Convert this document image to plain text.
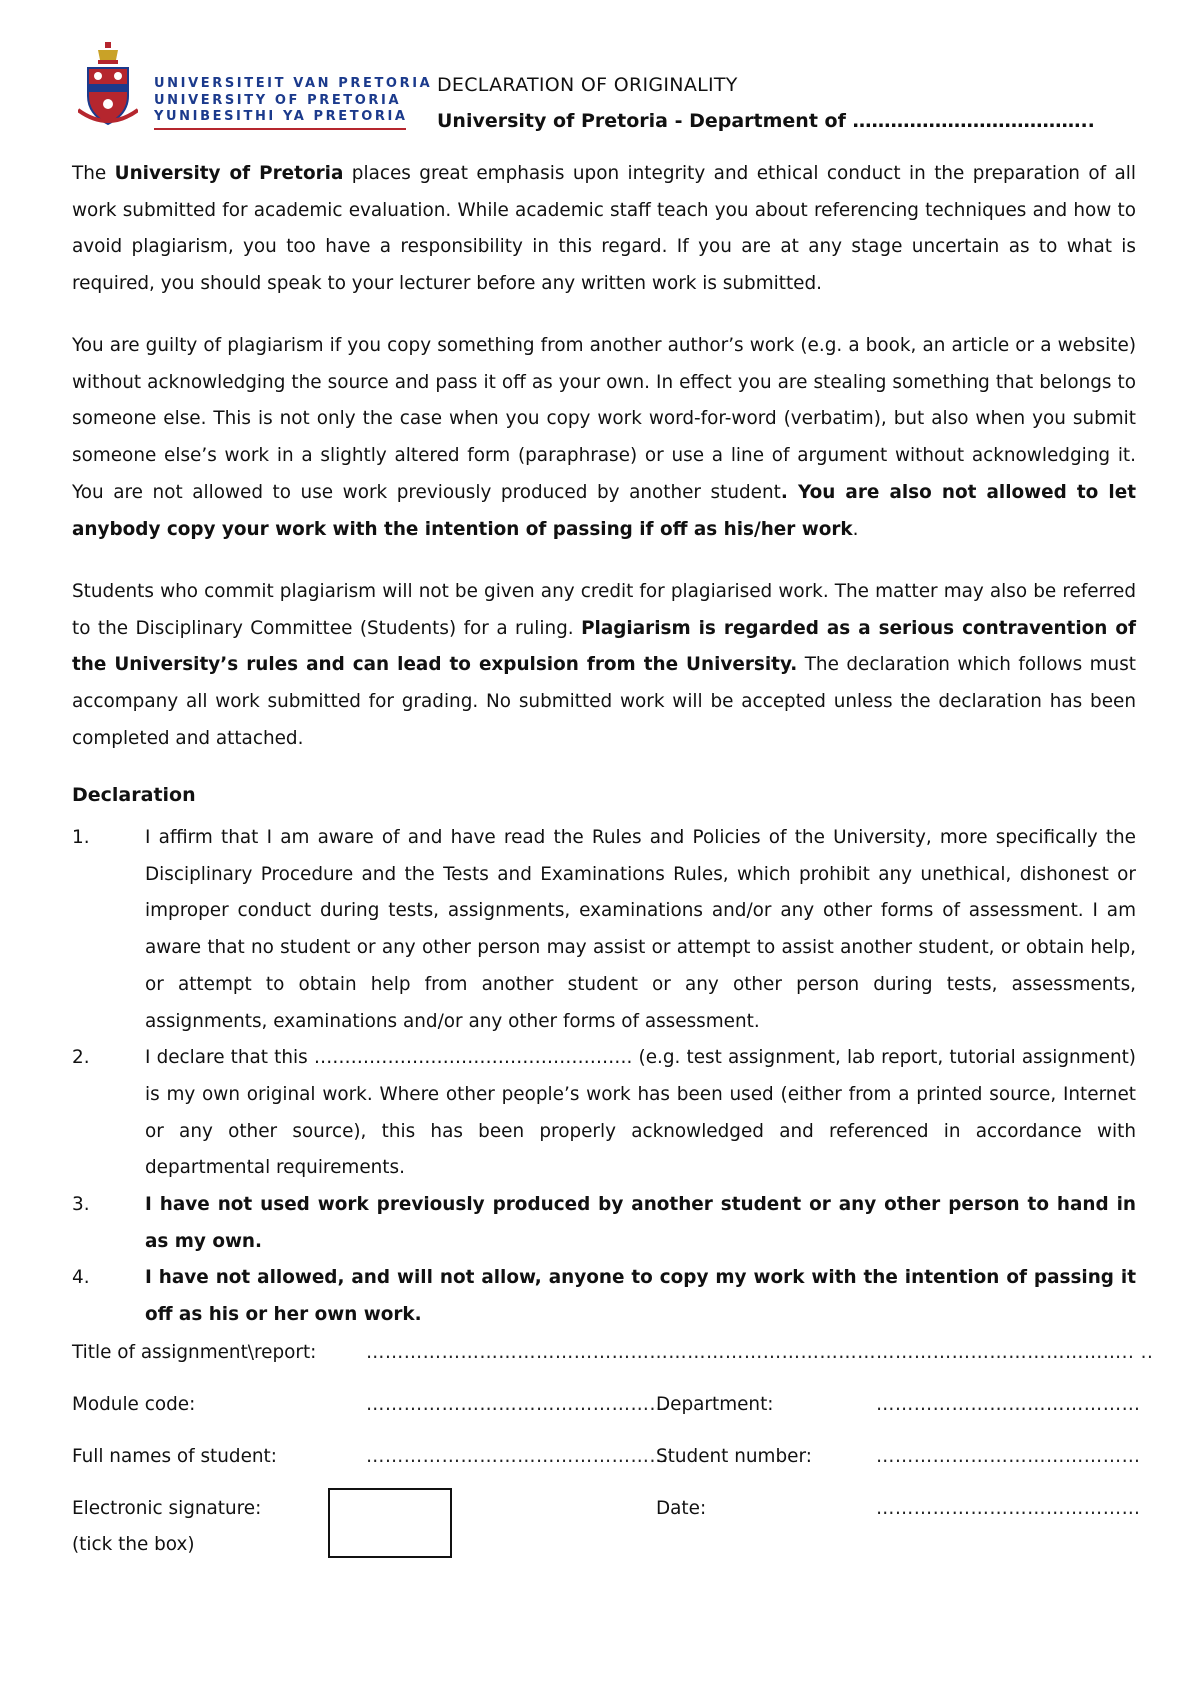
UNIVERSITEIT VAN PRETORIA
UNIVERSITY OF PRETORIA
YUNIBESITHI YA PRETORIA
DECLARATION OF ORIGINALITY
University of Pretoria - Department of ………………………………..
The University of Pretoria places great emphasis upon integrity and ethical conduct in the preparation of all work submitted for academic evaluation. While academic staff teach you about referencing techniques and how to avoid plagiarism, you too have a responsibility in this regard. If you are at any stage uncertain as to what is required, you should speak to your lecturer before any written work is submitted.
You are guilty of plagiarism if you copy something from another author’s work (e.g. a book, an article or a website) without acknowledging the source and pass it off as your own. In effect you are stealing something that belongs to someone else. This is not only the case when you copy work word-for-word (verbatim), but also when you submit someone else’s work in a slightly altered form (paraphrase) or use a line of argument without acknowledging it. You are not allowed to use work previously produced by another student. You are also not allowed to let anybody copy your work with the intention of passing if off as his/her work.
Students who commit plagiarism will not be given any credit for plagiarised work. The matter may also be referred to the Disciplinary Committee (Students) for a ruling. Plagiarism is regarded as a serious contravention of the University’s rules and can lead to expulsion from the University. The declaration which follows must accompany all work submitted for grading. No submitted work will be accepted unless the declaration has been completed and attached.
Declaration
1.	I affirm that I am aware of and have read the Rules and Policies of the University, more specifically the Disciplinary Procedure and the Tests and Examinations Rules, which prohibit any unethical, dishonest or improper conduct during tests, assignments, examinations and/or any other forms of assessment. I am aware that no student or any other person may assist or attempt to assist another student, or obtain help, or attempt to obtain help from another student or any other person during tests, assessments, assignments, examinations and/or any other forms of assessment.
2.	I declare that this ……………………………………………. (e.g. test assignment, lab report, tutorial assignment) is my own original work. Where other people’s work has been used (either from a printed source, Internet or any other source), this has been properly acknowledged and referenced in accordance with departmental requirements.
3.	I have not used work previously produced by another student or any other person to hand in as my own.
4.	I have not allowed, and will not allow, anyone to copy my work with the intention of passing it off as his or her own work.
Title of assignment\report:	………………………………………………………………………………………………………….. ..
Module code:	…………………………………………
Department:	……………………………………
Full names of student:	…………………………………………
Student number:	……………………………………
Electronic signature:
(tick the box)
Date:	……………………………………
